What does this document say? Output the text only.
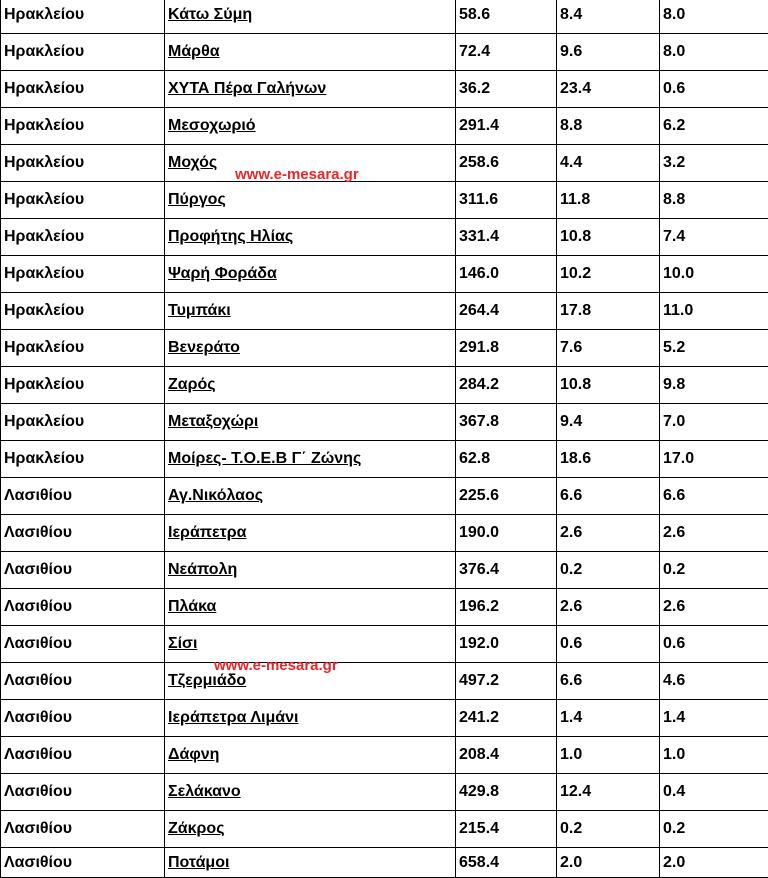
Ηρακλείου	Κάτω Σύμη	58.6	8.4	8.0
Ηρακλείου	Μάρθα	72.4	9.6	8.0
Ηρακλείου	ΧΥΤΑ Πέρα Γαλήνων	36.2	23.4	0.6
Ηρακλείου	Μεσοχωριό	291.4	8.8	6.2
Ηρακλείου	Μοχός	258.6	4.4	3.2
Ηρακλείου	Πύργος	311.6	11.8	8.8
Ηρακλείου	Προφήτης Ηλίας	331.4	10.8	7.4
Ηρακλείου	Ψαρή Φοράδα	146.0	10.2	10.0
Ηρακλείου	Τυμπάκι	264.4	17.8	11.0
Ηρακλείου	Βενεράτο	291.8	7.6	5.2
Ηρακλείου	Ζαρός	284.2	10.8	9.8
Ηρακλείου	Μεταξοχώρι	367.8	9.4	7.0
Ηρακλείου	Μοίρες- Τ.Ο.Ε.Β Γ΄ Ζώνης	62.8	18.6	17.0
Λασιθίου	Αγ.Νικόλαος	225.6	6.6	6.6
Λασιθίου	Ιεράπετρα	190.0	2.6	2.6
Λασιθίου	Νεάπολη	376.4	0.2	0.2
Λασιθίου	Πλάκα	196.2	2.6	2.6
Λασιθίου	Σίσι	192.0	0.6	0.6
Λασιθίου	Τζερμιάδο	497.2	6.6	4.6
Λασιθίου	Ιεράπετρα Λιμάνι	241.2	1.4	1.4
Λασιθίου	Δάφνη	208.4	1.0	1.0
Λασιθίου	Σελάκανο	429.8	12.4	0.4
Λασιθίου	Ζάκρος	215.4	0.2	0.2
Λασιθίου	Ποτάμοι	658.4	2.0	2.0
www.e-mesara.gr
www.e-mesara.gr
